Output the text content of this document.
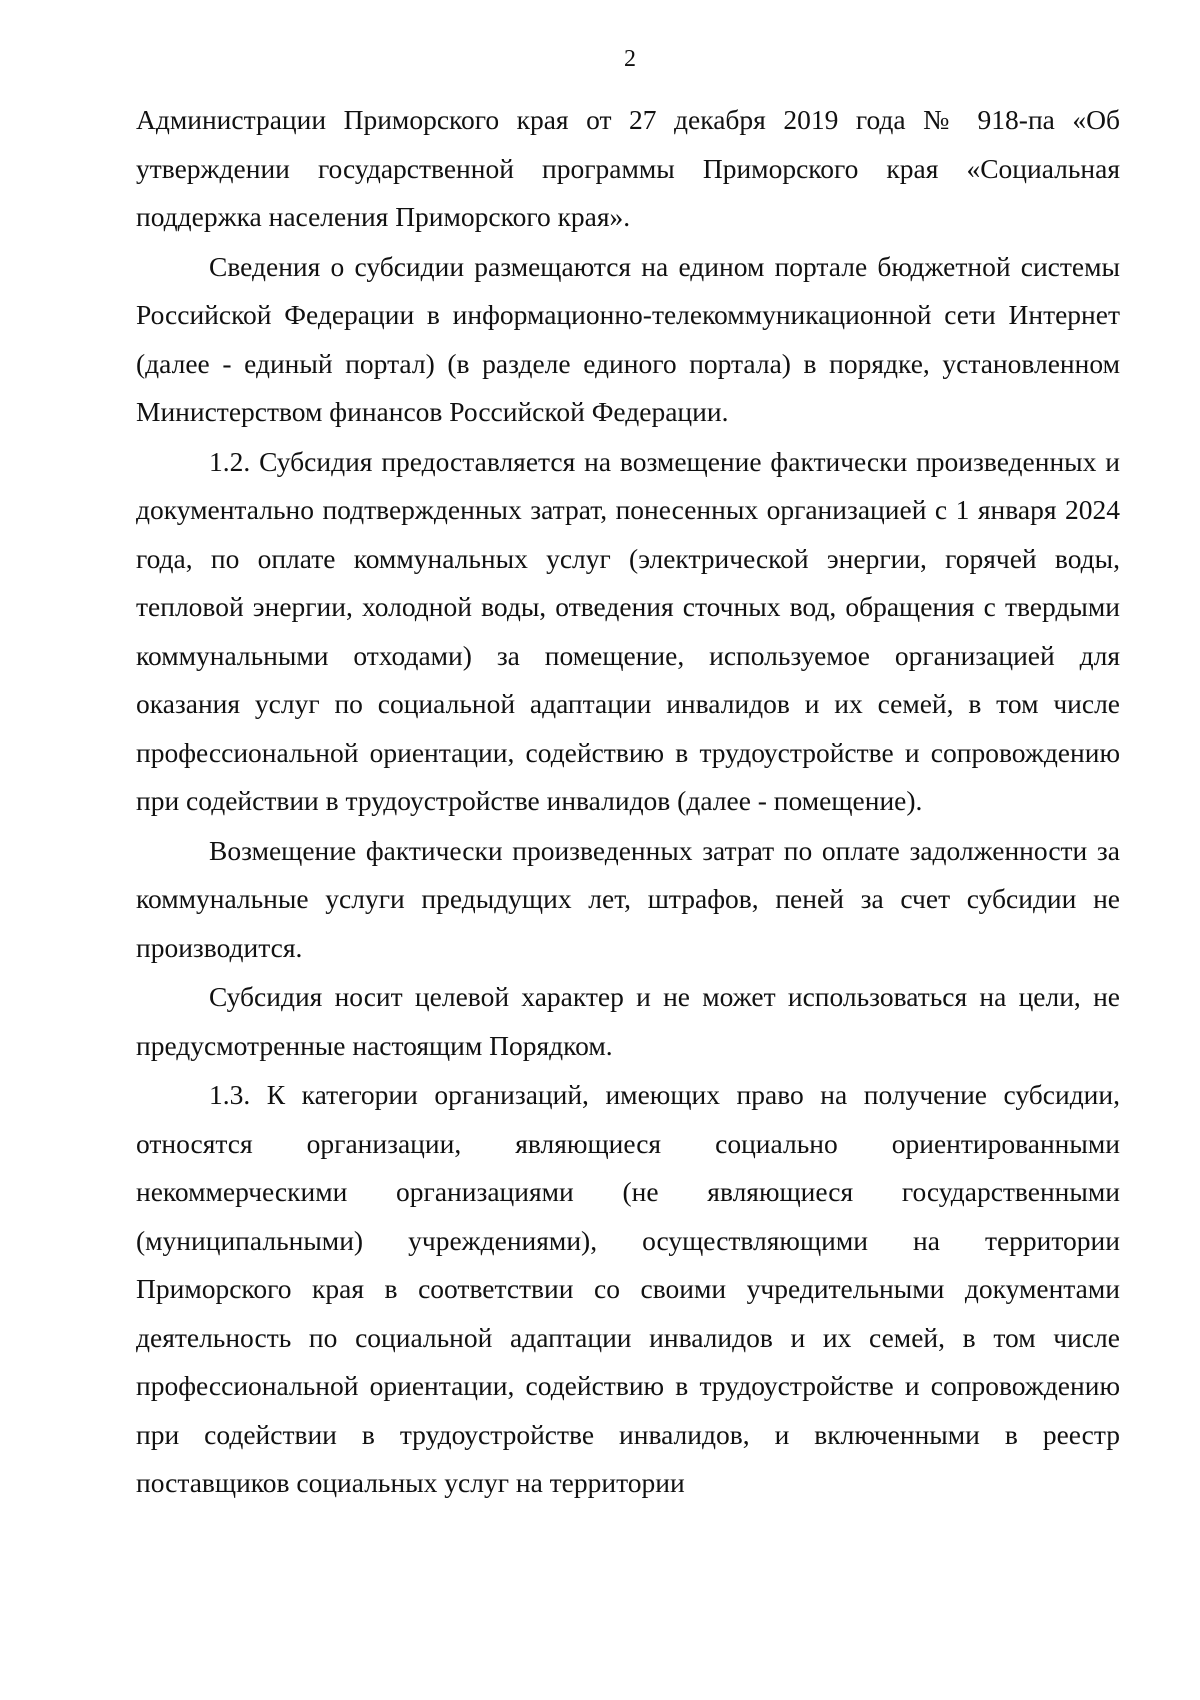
2

Администрации Приморского края от 27 декабря 2019 года № 918-па «Об утверждении государственной программы Приморского края «Социальная поддержка населения Приморского края».

Сведения о субсидии размещаются на едином портале бюджетной системы Российской Федерации в информационно-телекоммуникационной сети Интернет (далее - единый портал) (в разделе единого портала) в порядке, установленном Министерством финансов Российской Федерации.

1.2. Субсидия предоставляется на возмещение фактически произведенных и документально подтвержденных затрат, понесенных организацией с 1 января 2024 года, по оплате коммунальных услуг (электрической энергии, горячей воды, тепловой энергии, холодной воды, отведения сточных вод, обращения с твердыми коммунальными отходами) за помещение, используемое организацией для оказания услуг по социальной адаптации инвалидов и их семей, в том числе профессиональной ориентации, содействию в трудоустройстве и сопровождению при содействии в трудоустройстве инвалидов (далее - помещение).

Возмещение фактически произведенных затрат по оплате задолженности за коммунальные услуги предыдущих лет, штрафов, пеней за счет субсидии не производится.

Субсидия носит целевой характер и не может использоваться на цели, не предусмотренные настоящим Порядком.

1.3. К категории организаций, имеющих право на получение субсидии, относятся организации, являющиеся социально ориентированными некоммерческими организациями (не являющиеся государственными (муниципальными) учреждениями), осуществляющими на территории Приморского края в соответствии со своими учредительными документами деятельность по социальной адаптации инвалидов и их семей, в том числе профессиональной ориентации, содействию в трудоустройстве и сопровождению при содействии в трудоустройстве инвалидов, и включенными в реестр поставщиков социальных услуг на территории
